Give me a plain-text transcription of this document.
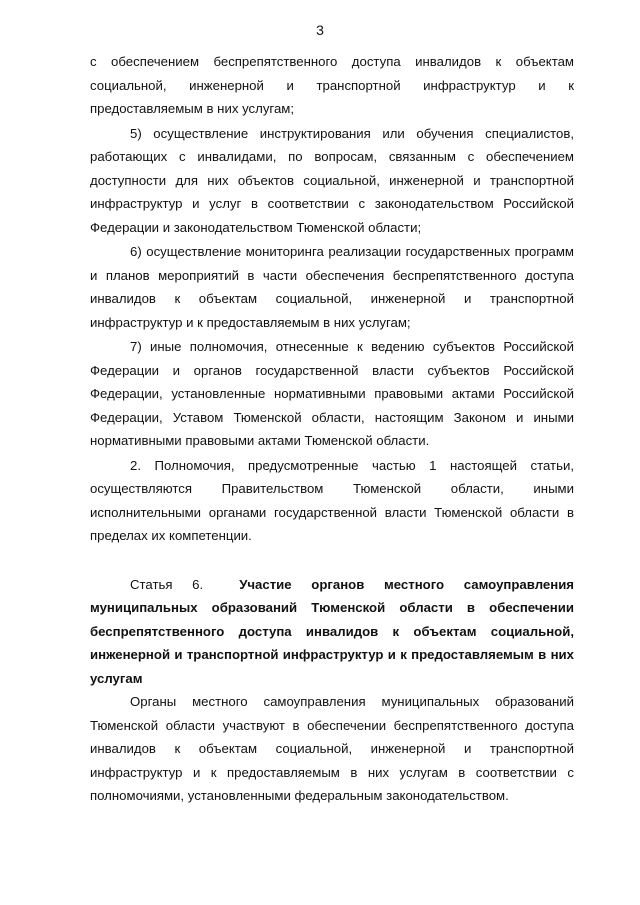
3

с обеспечением беспрепятственного доступа инвалидов к объектам социальной, инженерной и транспортной инфраструктур и к предоставляемым в них услугам;

5) осуществление инструктирования или обучения специалистов, работающих с инвалидами, по вопросам, связанным с обеспечением доступности для них объектов социальной, инженерной и транспортной инфраструктур и услуг в соответствии с законодательством Российской Федерации и законодательством Тюменской области;

6) осуществление мониторинга реализации государственных программ и планов мероприятий в части обеспечения беспрепятственного доступа инвалидов к объектам социальной, инженерной и транспортной инфраструктур и к предоставляемым в них услугам;

7) иные полномочия, отнесенные к ведению субъектов Российской Федерации и органов государственной власти субъектов Российской Федерации, установленные нормативными правовыми актами Российской Федерации, Уставом Тюменской области, настоящим Законом и иными нормативными правовыми актами Тюменской области.

2. Полномочия, предусмотренные частью 1 настоящей статьи, осуществляются Правительством Тюменской области, иными исполнительными органами государственной власти Тюменской области в пределах их компетенции.

Статья 6.	Участие органов местного самоуправления муниципальных образований Тюменской области в обеспечении беспрепятственного доступа инвалидов к объектам социальной, инженерной и транспортной инфраструктур и к предоставляемым в них услугам

Органы местного самоуправления муниципальных образований Тюменской области участвуют в обеспечении беспрепятственного доступа инвалидов к объектам социальной, инженерной и транспортной инфраструктур и к предоставляемым в них услугам в соответствии с полномочиями, установленными федеральным законодательством.
